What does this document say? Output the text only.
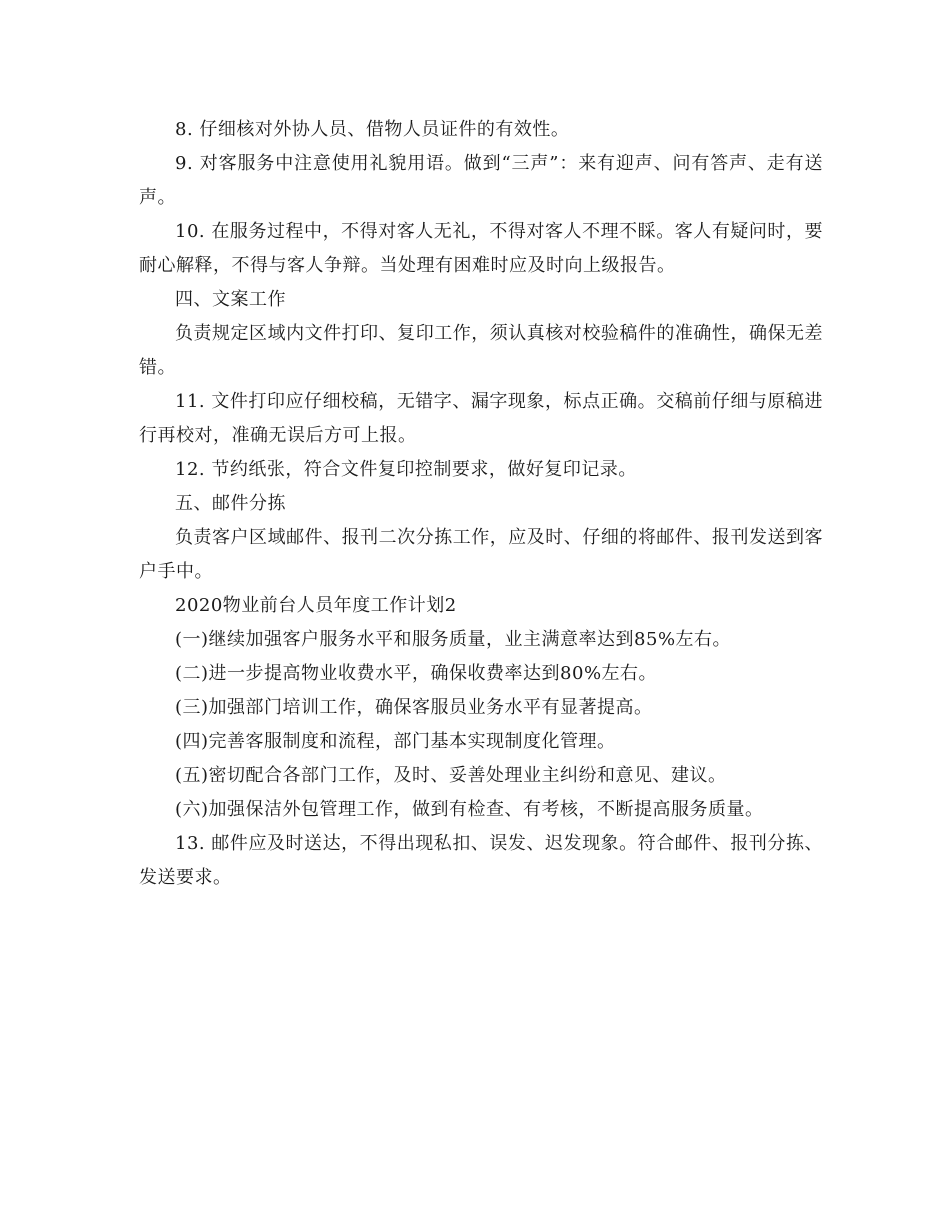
8. 仔细核对外协人员、借物人员证件的有效性。

9. 对客服务中注意使用礼貌用语。做到“三声”：来有迎声、问有答声、走有送声。

10. 在服务过程中，不得对客人无礼，不得对客人不理不睬。客人有疑问时，要耐心解释，不得与客人争辩。当处理有困难时应及时向上级报告。

四、文案工作

负责规定区域内文件打印、复印工作，须认真核对校验稿件的准确性，确保无差错。

11. 文件打印应仔细校稿，无错字、漏字现象，标点正确。交稿前仔细与原稿进行再校对，准确无误后方可上报。

12. 节约纸张，符合文件复印控制要求，做好复印记录。

五、邮件分拣

负责客户区域邮件、报刊二次分拣工作，应及时、仔细的将邮件、报刊发送到客户手中。

2020物业前台人员年度工作计划2

(一)继续加强客户服务水平和服务质量，业主满意率达到85%左右。

(二)进一步提高物业收费水平，确保收费率达到80%左右。

(三)加强部门培训工作，确保客服员业务水平有显著提高。

(四)完善客服制度和流程，部门基本实现制度化管理。

(五)密切配合各部门工作，及时、妥善处理业主纠纷和意见、建议。

(六)加强保洁外包管理工作，做到有检查、有考核，不断提高服务质量。

13. 邮件应及时送达，不得出现私扣、误发、迟发现象。符合邮件、报刊分拣、发送要求。
